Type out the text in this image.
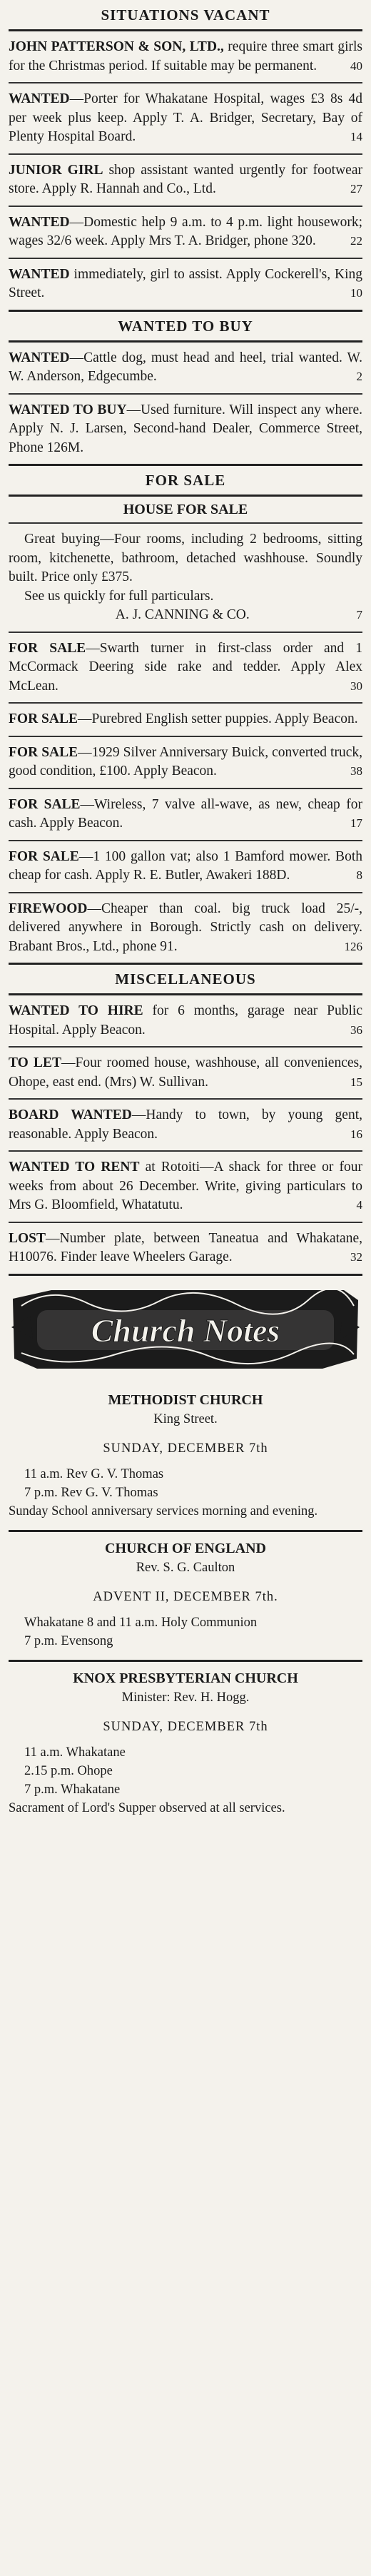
SITUATIONS VACANT

JOHN PATTERSON & SON, LTD., require three smart girls for the Christmas period. If suitable may be permanent.	40

WANTED—Porter for Whakatane Hospital, wages £3 8s 4d per week plus keep. Apply T. A. Bridger, Secretary, Bay of Plenty Hospital Board.	14

JUNIOR GIRL shop assistant wanted urgently for footwear store. Apply R. Hannah and Co., Ltd.	27

WANTED—Domestic help 9 a.m. to 4 p.m. light housework; wages 32/6 week. Apply Mrs T. A. Bridger, phone 320.	22

WANTED immediately, girl to assist. Apply Cockerell's, King Street.	10

WANTED TO BUY

WANTED—Cattle dog, must head and heel, trial wanted. W. W. Anderson, Edgecumbe.	2

WANTED TO BUY—Used furniture. Will inspect any where. Apply N. J. Larsen, Second-hand Dealer, Commerce Street, Phone 126M.

FOR SALE
HOUSE FOR SALE

Great buying—Four rooms, including 2 bedrooms, sitting room, kitchenette, bathroom, detached washhouse. Soundly built. Price only £375.

See us quickly for full particulars.

A. J. CANNING & CO.	7

FOR SALE—Swarth turner in first-class order and 1 McCormack Deering side rake and tedder. Apply Alex McLean.	30

FOR SALE—Purebred English setter puppies. Apply Beacon.

FOR SALE—1929 Silver Anniversary Buick, converted truck, good condition, £100. Apply Beacon.	38

FOR SALE—Wireless, 7 valve all-wave, as new, cheap for cash. Apply Beacon.	17

FOR SALE—1 100 gallon vat; also 1 Bamford mower. Both cheap for cash. Apply R. E. Butler, Awakeri 188D.	8

FIREWOOD—Cheaper than coal. big truck load 25/-, delivered anywhere in Borough. Strictly cash on delivery. Brabant Bros., Ltd., phone 91.	126

MISCELLANEOUS

WANTED TO HIRE for 6 months, garage near Public Hospital. Apply Beacon.	36

TO LET—Four roomed house, washhouse, all conveniences, Ohope, east end. (Mrs) W. Sullivan.	15

BOARD WANTED—Handy to town, by young gent, reasonable. Apply Beacon.	16

WANTED TO RENT at Rotoiti—A shack for three or four weeks from about 26 December. Write, giving particulars to Mrs G. Bloomfield, Whatatutu.	4

LOST—Number plate, between Taneatua and Whakatane, H10076. Finder leave Wheelers Garage.	32

Church Notes
METHODIST CHURCH
King Street.
SUNDAY, DECEMBER 7th

11 a.m. Rev G. V. Thomas

7 p.m. Rev G. V. Thomas

Sunday School anniversary services morning and evening.

CHURCH OF ENGLAND
Rev. S. G. Caulton
ADVENT II, DECEMBER 7th.

Whakatane 8 and 11 a.m. Holy Communion

7 p.m. Evensong

KNOX PRESBYTERIAN CHURCH
Minister: Rev. H. Hogg.
SUNDAY, DECEMBER 7th

11 a.m. Whakatane

2.15 p.m. Ohope

7 p.m. Whakatane

Sacrament of Lord's Supper observed at all services.
